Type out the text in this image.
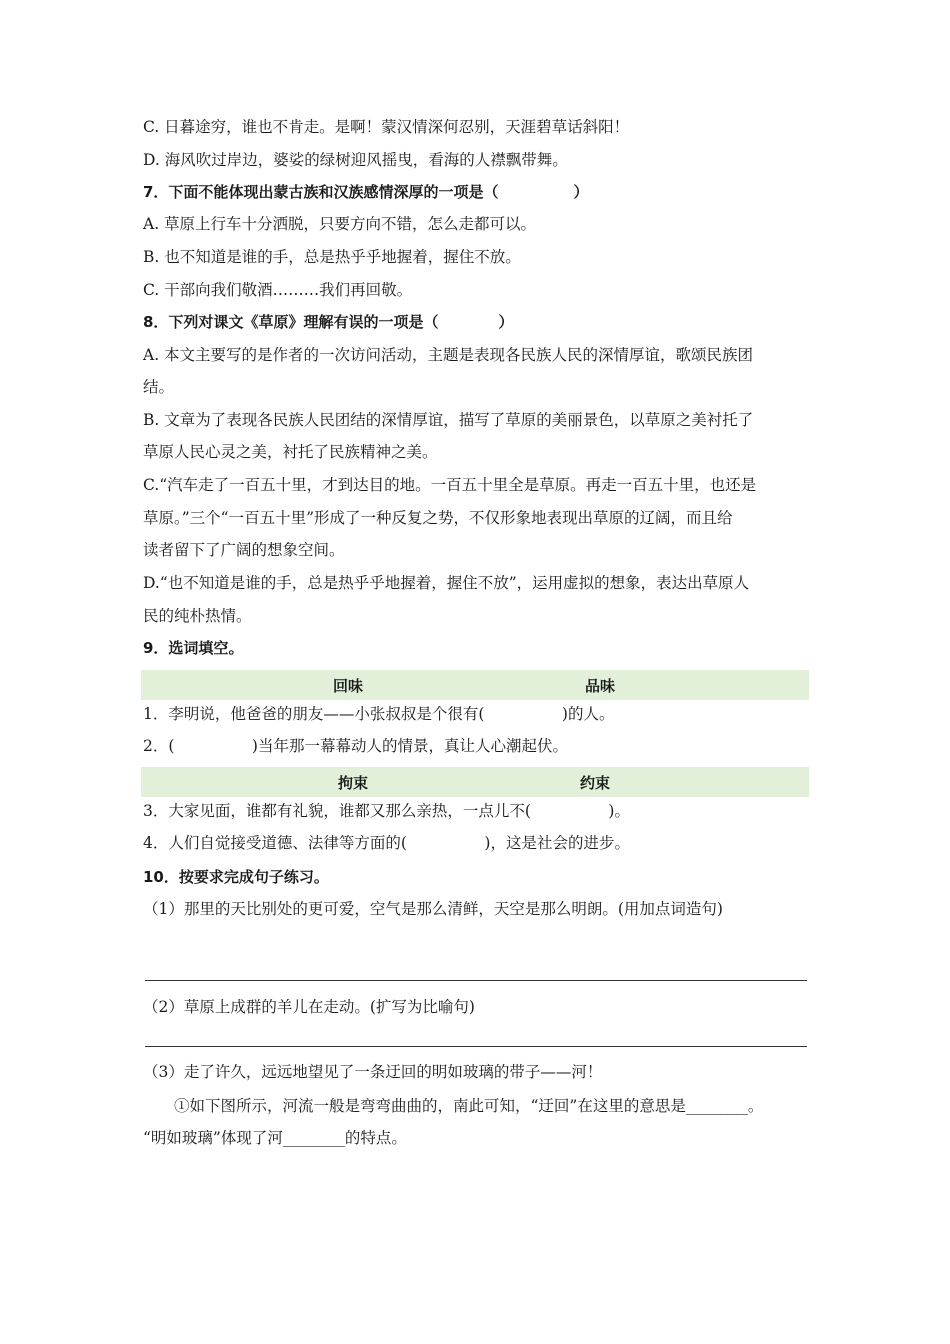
C. 日暮途穷，谁也不肯走。是啊！蒙汉情深何忍别，天涯碧草话斜阳！
D. 海风吹过岸边，婆娑的绿树迎风摇曳，看海的人襟飘带舞。
7．下面不能体现出蒙古族和汉族感情深厚的一项是（　　　　　）
A. 草原上行车十分洒脱，只要方向不错，怎么走都可以。
B. 也不知道是谁的手，总是热乎乎地握着，握住不放。
C. 干部向我们敬酒………我们再回敬。
8．下列对课文《草原》理解有误的一项是（　　　　）
A. 本文主要写的是作者的一次访问活动，主题是表现各民族人民的深情厚谊，歌颂民族团
结。
B. 文章为了表现各民族人民团结的深情厚谊，描写了草原的美丽景色，以草原之美衬托了
草原人民心灵之美，衬托了民族精神之美。
C.“汽车走了一百五十里，才到达目的地。一百五十里全是草原。再走一百五十里，也还是
草原。”三个“一百五十里”形成了一种反复之势，不仅形象地表现出草原的辽阔，而且给
读者留下了广阔的想象空间。
D.“也不知道是谁的手，总是热乎乎地握着，握住不放”，运用虚拟的想象，表达出草原人
民的纯朴热情。
9．选词填空。
回味	品味
1．李明说，他爸爸的朋友——小张叔叔是个很有(　　　　　)的人。
2．(　　　　　)当年那一幕幕动人的情景，真让人心潮起伏。
拘束	约束
3．大家见面，谁都有礼貌，谁都又那么亲热，一点儿不(　　　　　)。
4．人们自觉接受道德、法律等方面的(　　　　　)，这是社会的进步。
10．按要求完成句子练习。
（1）那里的天比别处的更可爱，空气是那么清鲜，天空是那么明朗。(用加点词造句)
（2）草原上成群的羊儿在走动。(扩写为比喻句)
（3）走了许久，远远地望见了一条迂回的明如玻璃的带子——河！
　　①如下图所示，河流一般是弯弯曲曲的，南此可知，“迂回”在这里的意思是________。
“明如玻璃”体现了河________的特点。
